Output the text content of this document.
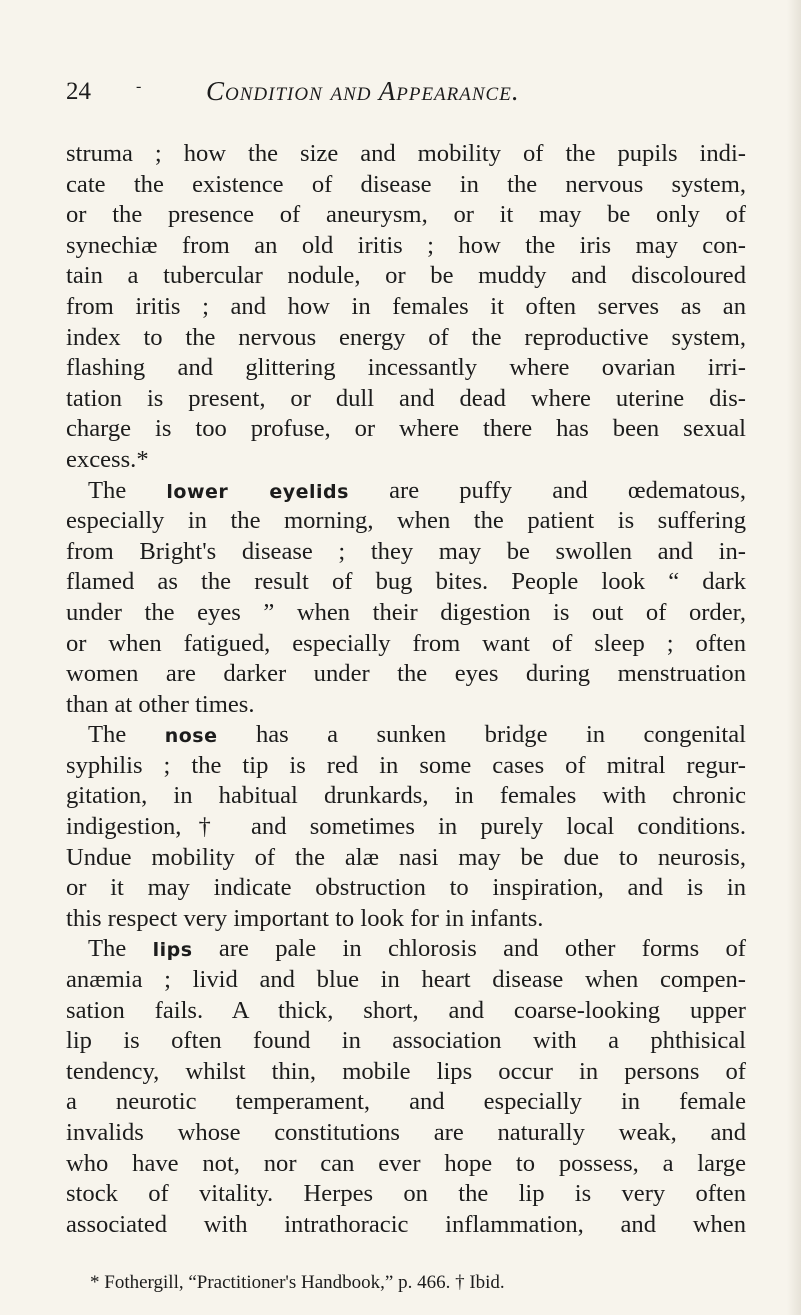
24	- Condition and Appearance.
struma ; how the size and mobility of the pupils indi-
cate the existence of disease in the nervous system,
or the presence of aneurysm, or it may be only of
synechiæ from an old iritis ; how the iris may con-
tain a tubercular nodule, or be muddy and discoloured
from iritis ; and how in females it often serves as an
index to the nervous energy of the reproductive system,
flashing and glittering incessantly where ovarian irri-
tation is present, or dull and dead where uterine dis-
charge is too profuse, or where there has been sexual
excess.*
The lower eyelids are puffy and œdematous,
especially in the morning, when the patient is suffering
from Bright's disease ; they may be swollen and in-
flamed as the result of bug bites. People look “ dark
under the eyes ” when their digestion is out of order,
or when fatigued, especially from want of sleep ; often
women are darker under the eyes during menstruation
than at other times.
The nose has a sunken bridge in congenital
syphilis ; the tip is red in some cases of mitral regur-
gitation, in habitual drunkards, in females with chronic
indigestion,† and sometimes in purely local conditions.
Undue mobility of the alæ nasi may be due to neurosis,
or it may indicate obstruction to inspiration, and is in
this respect very important to look for in infants.
The lips are pale in chlorosis and other forms of
anæmia ; livid and blue in heart disease when compen-
sation fails. A thick, short, and coarse-looking upper
lip is often found in association with a phthisical
tendency, whilst thin, mobile lips occur in persons of
a neurotic temperament, and especially in female
invalids whose constitutions are naturally weak, and
who have not, nor can ever hope to possess, a large
stock of vitality. Herpes on the lip is very often
associated with intrathoracic inflammation, and when
* Fothergill, “Practitioner's Handbook,” p. 466. † Ibid.
